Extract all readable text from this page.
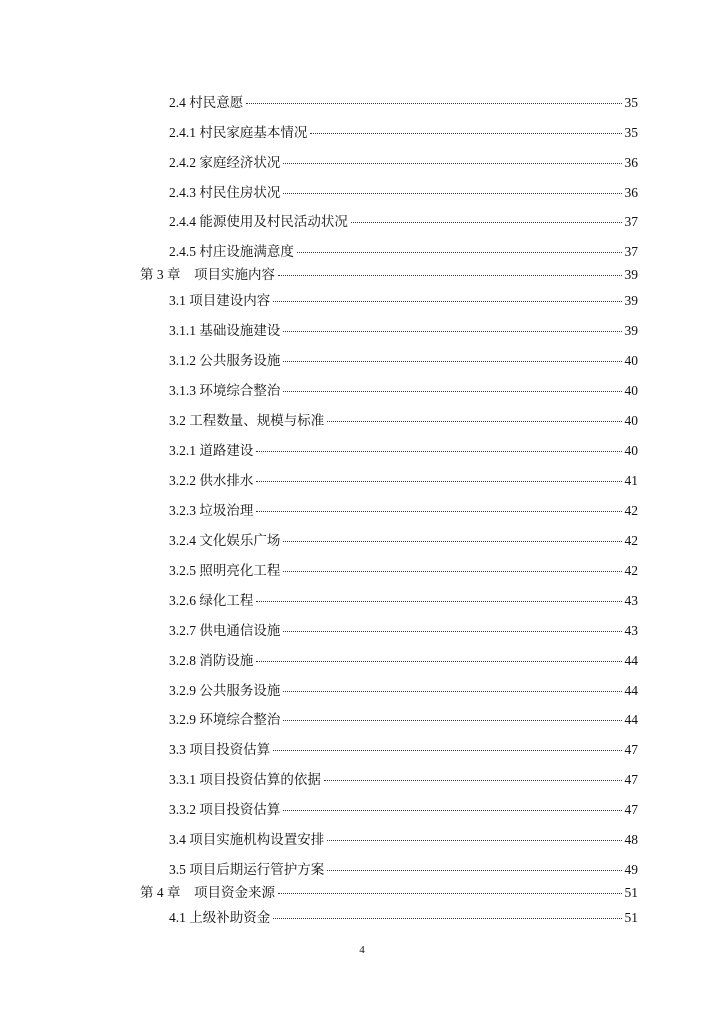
2.4 村民意愿	35
2.4.1 村民家庭基本情况	35
2.4.2 家庭经济状况	36
2.4.3 村民住房状况	36
2.4.4 能源使用及村民活动状况	37
2.4.5 村庄设施满意度	37
第 3 章　项目实施内容	39
3.1 项目建设内容	39
3.1.1 基础设施建设	39
3.1.2 公共服务设施	40
3.1.3 环境综合整治	40
3.2 工程数量、规模与标准	40
3.2.1 道路建设	40
3.2.2 供水排水	41
3.2.3 垃圾治理	42
3.2.4 文化娱乐广场	42
3.2.5 照明亮化工程	42
3.2.6 绿化工程	43
3.2.7 供电通信设施	43
3.2.8 消防设施	44
3.2.9 公共服务设施	44
3.2.9 环境综合整治	44
3.3 项目投资估算	47
3.3.1 项目投资估算的依据	47
3.3.2 项目投资估算	47
3.4 项目实施机构设置安排	48
3.5 项目后期运行管护方案	49
第 4 章　项目资金来源	51
4.1 上级补助资金	51
4
